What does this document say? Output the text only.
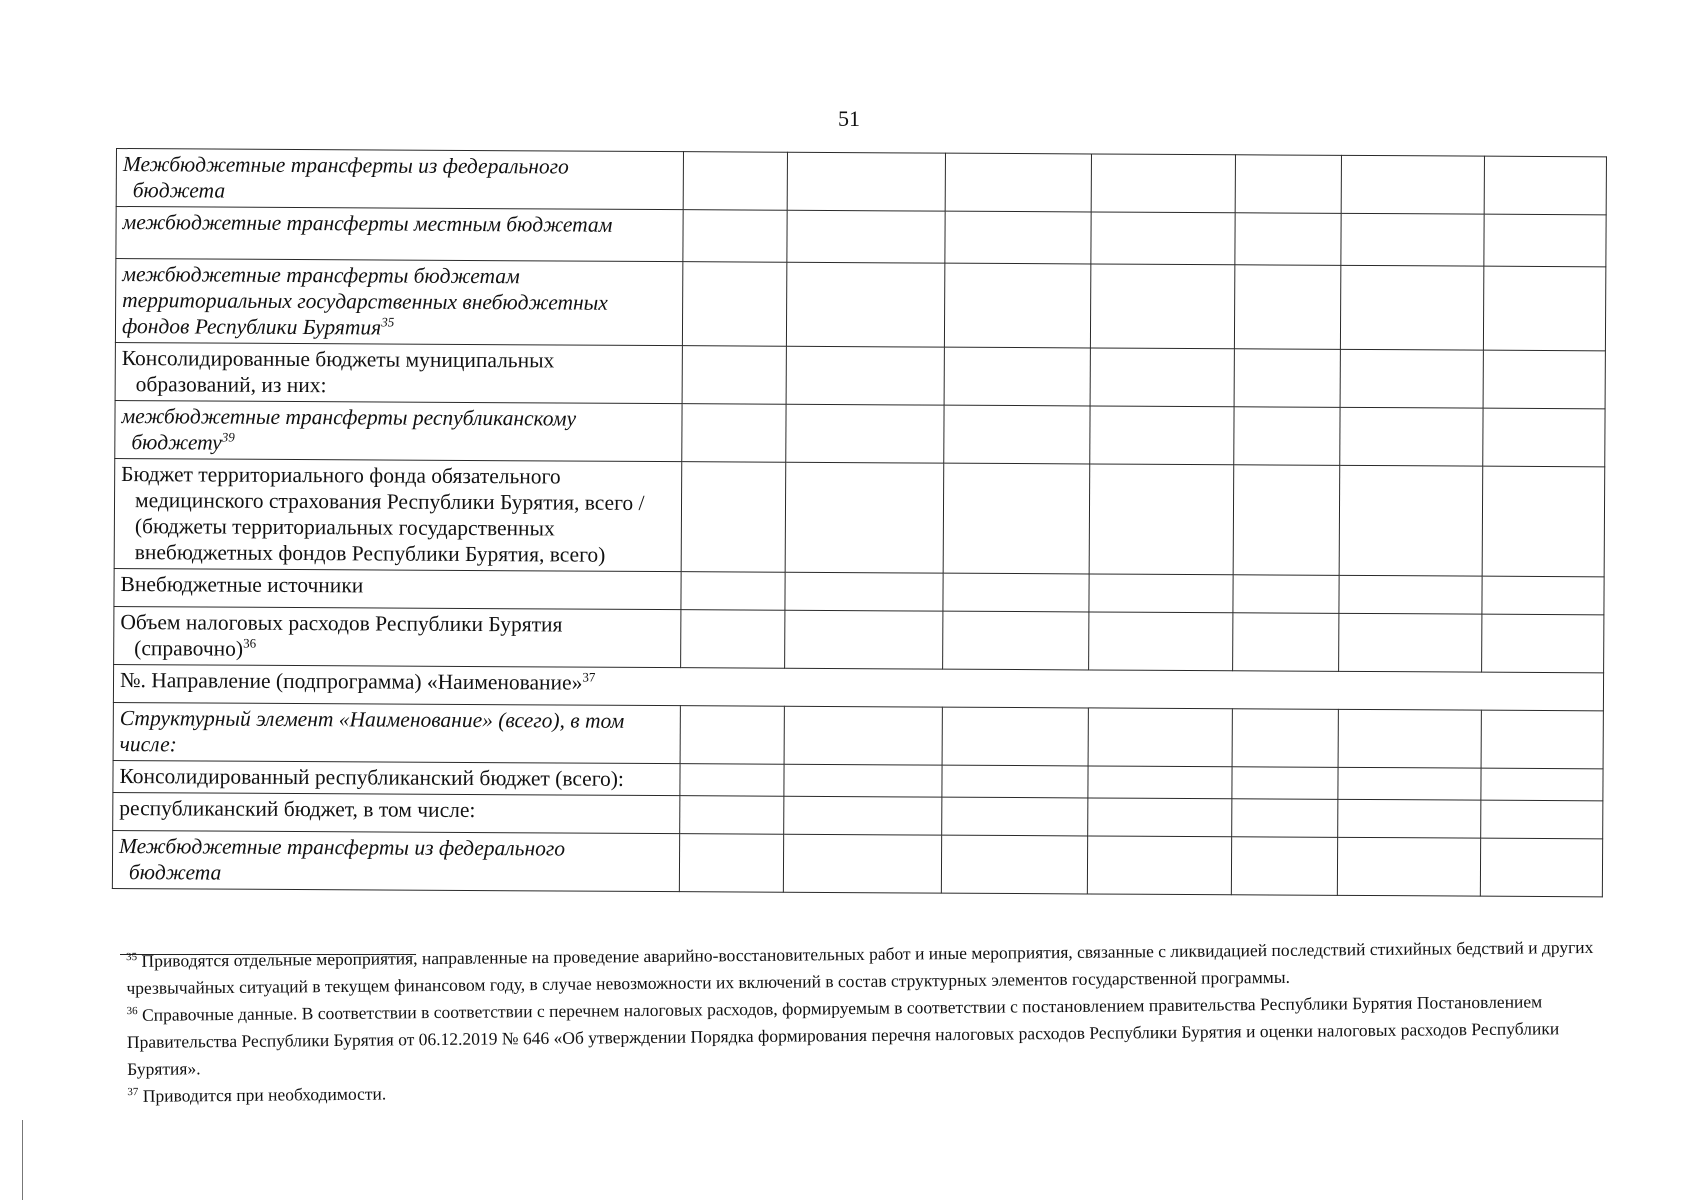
51
Межбюджетные трансферты из федерального
бюджета							

межбюджетные трансферты местным бюджетам							

межбюджетные трансферты бюджетам
территориальных государственных внебюджетных
фондов Республики Бурятия$^{35}$

Консолидированные бюджеты муниципальных
образований, из них:							

межбюджетные трансферты республиканскому
бюджету$^{39}$

Бюджет территориального фонда обязательного
медицинского страхования Республики Бурятия, всего /
(бюджеты территориальных государственных
внебюджетных фондов Республики Бурятия, всего)							

Внебюджетные источники							

Объем налоговых расходов Республики Бурятия
(справочно)$^{36}$

№. Направление (подпрограмма) «Наименование»$^{37}$

Структурный элемент «Наименование» (всего), в том
числе:							

Консолидированный республиканский бюджет (всего):							

республиканский бюджет, в том числе:							

Межбюджетные трансферты из федерального
бюджета							

$^{35}$ Приводятся отдельные мероприятия, направленные на проведение аварийно-восстановительных работ и иные мероприятия, связанные с ликвидацией последствий стихийных бедствий и других чрезвычайных ситуаций в текущем финансовом году, в случае невозможности их включений в состав структурных элементов государственной программы.

$^{36}$ Справочные данные. В соответствии в соответствии с перечнем налоговых расходов, формируемым в соответствии с постановлением правительства Республики Бурятия Постановлением Правительства Республики Бурятия от 06.12.2019 № 646 «Об утверждении Порядка формирования перечня налоговых расходов Республики Бурятия и оценки налоговых расходов Республики Бурятия».

$^{37}$ Приводится при необходимости.
